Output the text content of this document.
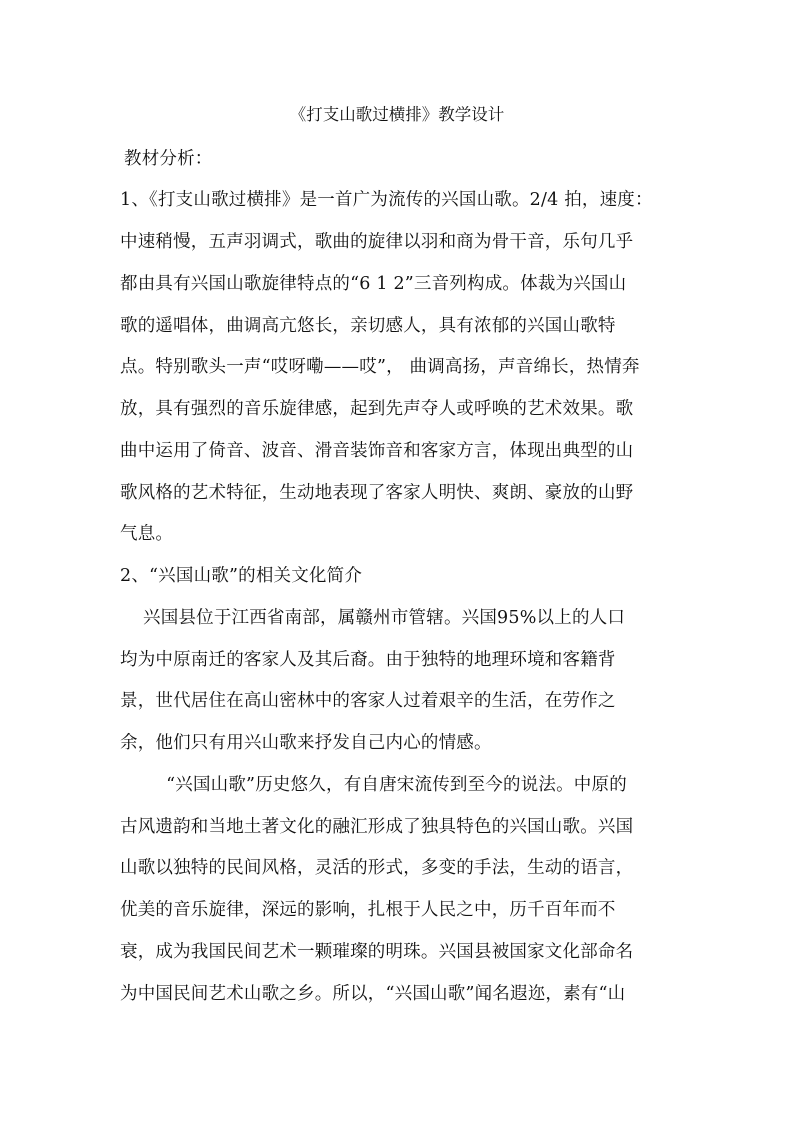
《打支山歌过横排》教学设计
教材分析：
1、《打支山歌过横排》是一首广为流传的兴国山歌。2/4 拍，速度：
中速稍慢，五声羽调式，歌曲的旋律以羽和商为骨干音，乐句几乎
都由具有兴国山歌旋律特点的“6 1 2”三音列构成。体裁为兴国山
歌的遥唱体，曲调高亢悠长，亲切感人，具有浓郁的兴国山歌特
点。特别歌头一声“哎呀嘞——哎”， 曲调高扬，声音绵长，热情奔
放，具有强烈的音乐旋律感，起到先声夺人或呼唤的艺术效果。歌
曲中运用了倚音、波音、滑音装饰音和客家方言，体现出典型的山
歌风格的艺术特征，生动地表现了客家人明快、爽朗、豪放的山野
气息。
2、“兴国山歌”的相关文化简介
兴国县位于江西省南部，属赣州市管辖。兴国95%以上的人口
均为中原南迁的客家人及其后裔。由于独特的地理环境和客籍背
景，世代居住在高山密林中的客家人过着艰辛的生活，在劳作之
余，他们只有用兴山歌来抒发自己内心的情感。
“兴国山歌”历史悠久，有自唐宋流传到至今的说法。中原的
古风遗韵和当地土著文化的融汇形成了独具特色的兴国山歌。兴国
山歌以独特的民间风格，灵活的形式，多变的手法，生动的语言，
优美的音乐旋律，深远的影响，扎根于人民之中，历千百年而不
衰，成为我国民间艺术一颗璀璨的明珠。兴国县被国家文化部命名
为中国民间艺术山歌之乡。所以，“兴国山歌”闻名遐迩，素有“山
